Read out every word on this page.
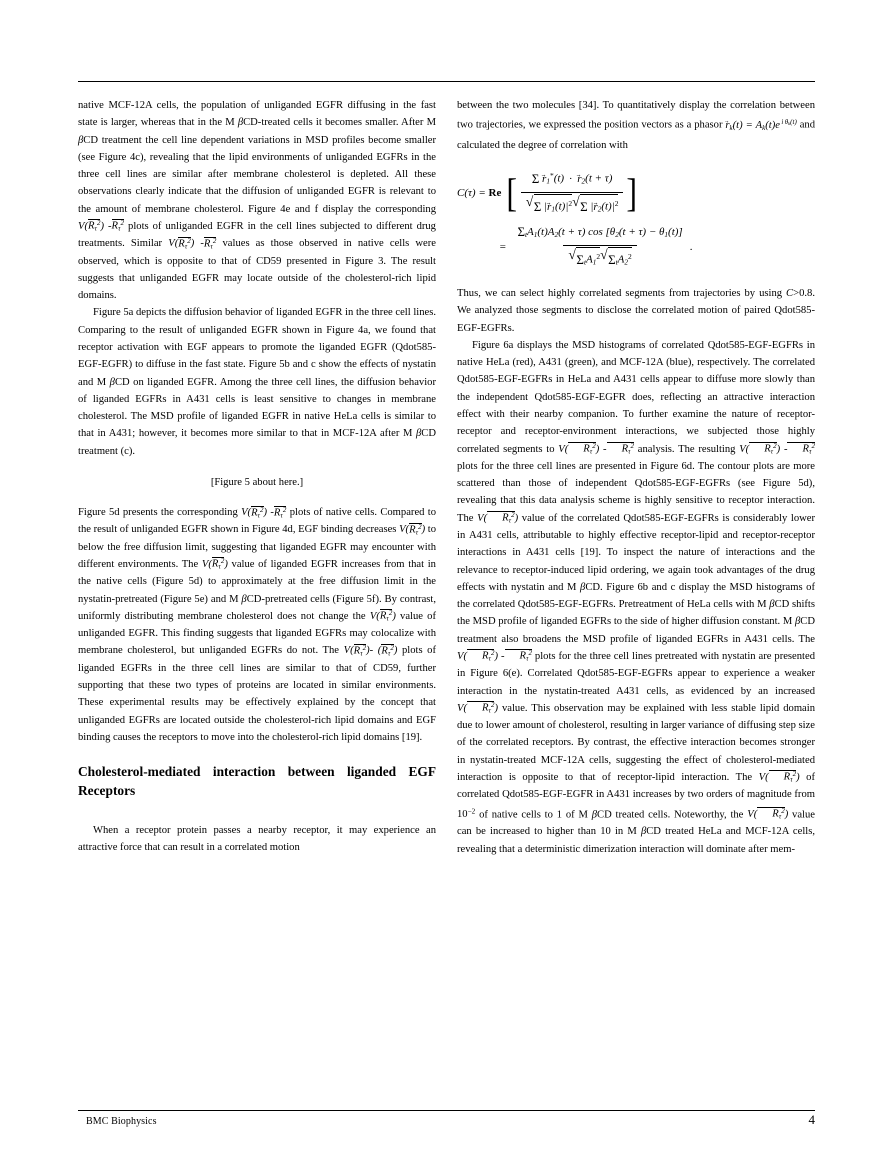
native MCF-12A cells, the population of unliganded EGFR diffusing in the fast state is larger, whereas that in the M βCD-treated cells it becomes smaller. After M βCD treatment the cell line dependent variations in MSD profiles become smaller (see Figure 4c), revealing that the lipid environments of unliganded EGFRs in the three cell lines are similar after membrane cholesterol is depleted. All these observations clearly indicate that the diffusion of unliganded EGFR is relevant to the amount of membrane cholesterol. Figure 4e and f display the corresponding $V(R_\tau^2)$ $-R_\tau^2$ plots of unliganded EGFR in the cell lines subjected to different drug treatments. Similar $V(R_\tau^2)$ $-R_\tau^2$ values as those observed in native cells were observed, which is opposite to that of CD59 presented in Figure 3. The result suggests that unliganded EGFR may locate outside of the cholesterol-rich lipid domains.

Figure 5a depicts the diffusion behavior of liganded EGFR in the three cell lines. Comparing to the result of unliganded EGFR shown in Figure 4a, we found that receptor activation with EGF appears to promote the liganded EGFR (Qdot585-EGF-EGFR) to diffuse in the fast state. Figure 5b and c show the effects of nystatin and M βCD on liganded EGFR. Among the three cell lines, the diffusion behavior of liganded EGFRs in A431 cells is least sensitive to changes in membrane cholesterol. The MSD profile of liganded EGFR in native HeLa cells is similar to that in A431; however, it becomes more similar to that in MCF-12A after M βCD treatment (c).

[Figure 5 about here.]

Figure 5d presents the corresponding $V(R_\tau^2)$ $-R_\tau^2$ plots of native cells. Compared to the result of unliganded EGFR shown in Figure 4d, EGF binding decreases $V(R_\tau^2)$ to below the free diffusion limit, suggesting that liganded EGFR may encounter with different environments. The $V(R_\tau^2)$ value of liganded EGFR increases from that in the native cells (Figure 5d) to approximately at the free diffusion limit in the nystatin-pretreated (Figure 5e) and M βCD-pretreated cells (Figure 5f). By contrast, uniformly distributing membrane cholesterol does not change the $V(R_\tau^2)$ value of unliganded EGFR. This finding suggests that liganded EGFRs may colocalize with membrane cholesterol, but unliganded EGFRs do not. The $V(R_\tau^2)-$ $(R_\tau^2)$ plots of liganded EGFRs in the three cell lines are similar to that of CD59, further supporting that these two types of proteins are located in similar environments. These experimental results may be effectively explained by the concept that unliganded EGFRs are located outside the cholesterol-rich lipid domains and EGF binding causes the receptors to move into the cholesterol-rich lipid domains [19].

Cholesterol-mediated interaction between liganded EGF Receptors

When a receptor protein passes a nearby receptor, it may experience an attractive force that can result in a correlated motion

between the two molecules [34]. To quantitatively display the correlation between two trajectories, we expressed the position vectors as a phasor $r \to_k(t) = A_k(t)e$ $^{i \theta_k(t)}$ and calculated the degree of correlation with

C(τ) = Re [ Σ $r \to_1^*(t) \cdot r \to_2(t + \tau)$
√ Σ $|r \to_1(t)|^2$ √ Σ $|r \to_2(t)|^2$ ]
= $\Sigma_tA_1(t)A_2(t + \tau)$ $\cos [\theta_2(t + \tau) - \theta_1(t)]$
√ $\Sigma_tA_1^2$ √ $\Sigma_tA_2^2$ .

Thus, we can select highly correlated segments from trajectories by using C>0.8. We analyzed those segments to disclose the correlated motion of paired Qdot585-EGF-EGFRs.

Figure 6a displays the MSD histograms of correlated Qdot585-EGF-EGFRs in native HeLa (red), A431 (green), and MCF-12A (blue), respectively. The correlated Qdot585-EGF-EGFRs in HeLa and A431 cells appear to diffuse more slowly than the independent Qdot585-EGF-EGFR does, reflecting an attractive interaction effect with their nearby companion. To further examine the nature of receptor-receptor and receptor-environment interactions, we subjected those highly correlated segments to V( $R_\tau^2) - R_\tau^2$ analysis. The resulting V( $R_\tau^2) - R_\tau^2$ plots for the three cell lines are presented in Figure 6d. The contour plots are more scattered than those of independent Qdot585-EGF-EGFRs (see Figure 5d), revealing that this data analysis scheme is highly sensitive to receptor interaction. The V( $R_\tau^2$) value of the correlated Qdot585-EGF-EGFRs is considerably lower in A431 cells, attributable to highly effective receptor-lipid and receptor-receptor interactions in A431 cells [19]. To inspect the nature of interactions and the relevance to receptor-induced lipid ordering, we again took advantages of the drug effects with nystatin and M βCD. Figure 6b and c display the MSD histograms of the correlated Qdot585-EGF-EGFRs. Pretreatment of HeLa cells with M βCD shifts the MSD profile of liganded EGFRs to the side of higher diffusion constant. M βCD treatment also broadens the MSD profile of liganded EGFRs in A431 cells. The V( $R_\tau^2) - R_\tau^2$ plots for the three cell lines pretreated with nystatin are presented in Figure 6(e). Correlated Qdot585-EGF-EGFRs appear to experience a weaker interaction in the nystatin-treated A431 cells, as evidenced by an increased V( $R_\tau^2$) value. This observation may be explained with less stable lipid domain due to lower amount of cholesterol, resulting in larger variance of diffusing step size of the correlated receptors. By contrast, the effective interaction becomes stronger in nystatin-treated MCF-12A cells, suggesting the effect of cholesterol-mediated interaction is opposite to that of receptor-lipid interaction. The V( $R_\tau^2$) of correlated Qdot585-EGF-EGFR in A431 increases by two orders of magnitude from $10^{-2}$ of native cells to 1 of M βCD treated cells. Noteworthy, the V( $R_\tau^2$) value can be increased to higher than 10 in M βCD treated HeLa and MCF-12A cells, revealing that a deterministic dimerization interaction will dominate after mem-

BMC Biophysics	4
